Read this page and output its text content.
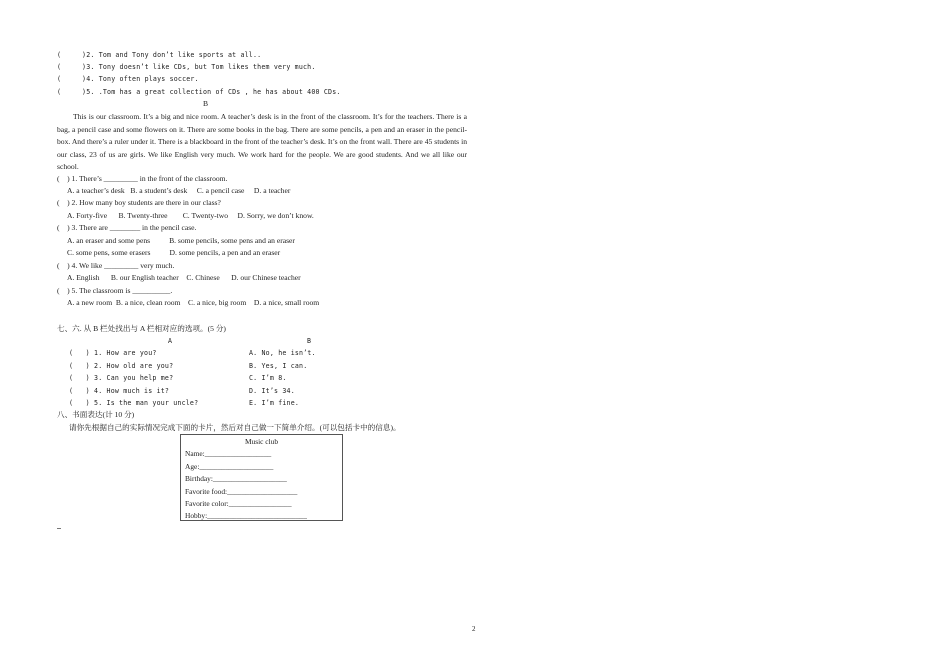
(     )2. Tom and Tony don’t like sports at all..
(     )3. Tony doesn’t like CDs, but Tom likes them very much.
(     )4. Tony often plays soccer.
(     )5. .Tom has a great collection of CDs , he has about 400 CDs.
B
This is our classroom. It’s a big and nice room. A teacher’s desk is in the front of the classroom. It’s for the teachers. There is a bag, a pencil case and some flowers on it. There are some books in the bag. There are some pencils, a pen and an eraser in the pencil-box. And there’s a ruler under it. There is a blackboard in the front of the teacher’s desk. It’s on the front wall. There are 45 students in our class, 23 of us are girls. We like English very much. We work hard for the people. We are good students. And we all like our school.
(    ) 1. There’s _________ in the front of the classroom.
A. a teacher’s desk   B. a student’s desk     C. a pencil case     D. a teacher
(    ) 2. How many boy students are there in our class?
A. Forty-five      B. Twenty-three        C. Twenty-two     D. Sorry, we don’t know.
(    ) 3. There are ________ in the pencil case.
A. an eraser and some pens          B. some pencils, some pens and an eraser
C. some pens, some erasers          D. some pencils, a pen and an eraser
(    ) 4. We like _________ very much.
A. English      B. our English teacher    C. Chinese      D. our Chinese teacher
(    ) 5. The classroom is __________.
A. a new room  B. a nice, clean room    C. a nice, big room    D. a nice, small room
七、六. 从 B 栏处找出与 A 栏相对应的选项。(5 分)
A	B
(   ) 1. How are you?	A. No, he isn’t.
(   ) 2. How old are you?	B. Yes, I can.
(   ) 3. Can you help me?	C. I’m 8.
(   ) 4. How much is it?	D. It’s 34.
(   ) 5. Is the man your uncle?	E. I’m fine.
八、书面表达(计 10 分)
请你先根据自己的实际情况完成下面的卡片，然后对自己做一下简单介绍。(可以包括卡中的信息)。
Music club
Name:__________________
Age:____________________
Birthday:____________________
Favorite food:___________________
Favorite color:_________________
Hobby:___________________________
2
